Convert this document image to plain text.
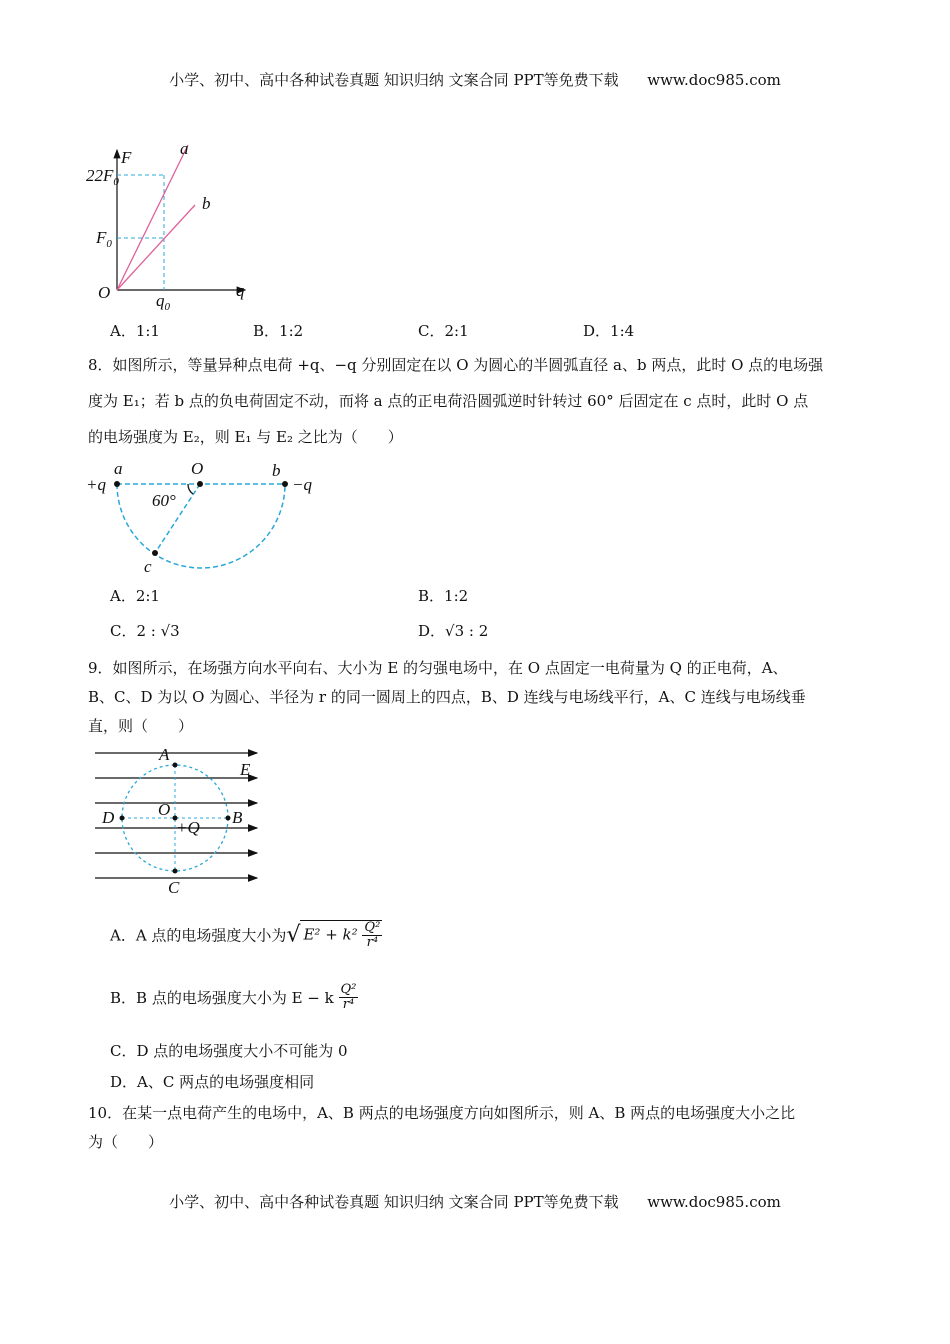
小学、初中、高中各种试卷真题 知识归纳 文案合同 PPT等免费下载 www.doc985.com
F
q
O
$22F_0$
$F_0$
$q_0$
a
b
+q
a	O	b
−q
60°
c
A
E
O
D	B
+Q
C
A．1:1	B．1:2	C．2:1	D．1:4
8．如图所示，等量异种点电荷 +q、−q 分别固定在以 O 为圆心的半圆弧直径 a、b 两点，此时 O 点的电场强
度为 E₁；若 b 点的负电荷固定不动，而将 a 点的正电荷沿圆弧逆时针转过 60° 后固定在 c 点时，此时 O 点
的电场强度为 E₂，则 E₁ 与 E₂ 之比为（　　）
A．2:1	B．1:2
C．2 : √3	D．√3 : 2
9．如图所示，在场强方向水平向右、大小为 E 的匀强电场中，在 O 点固定一电荷量为 Q 的正电荷，A、
B、C、D 为以 O 为圆心、半径为 r 的同一圆周上的四点，B、D 连线与电场线平行，A、C 连线与电场线垂
直，则（　　）
A．A 点的电场强度大小为√ $E^2 + k^2 \frac{\text{Q²}}{\text{r⁴}}$
B．B 点的电场强度大小为 E − k $\frac{\text{Q²}}{\text{r⁴}}$
C．D 点的电场强度大小不可能为 0
D．A、C 两点的电场强度相同
10．在某一点电荷产生的电场中，A、B 两点的电场强度方向如图所示，则 A、B 两点的电场强度大小之比
为（　　）
小学、初中、高中各种试卷真题 知识归纳 文案合同 PPT等免费下载 www.doc985.com
